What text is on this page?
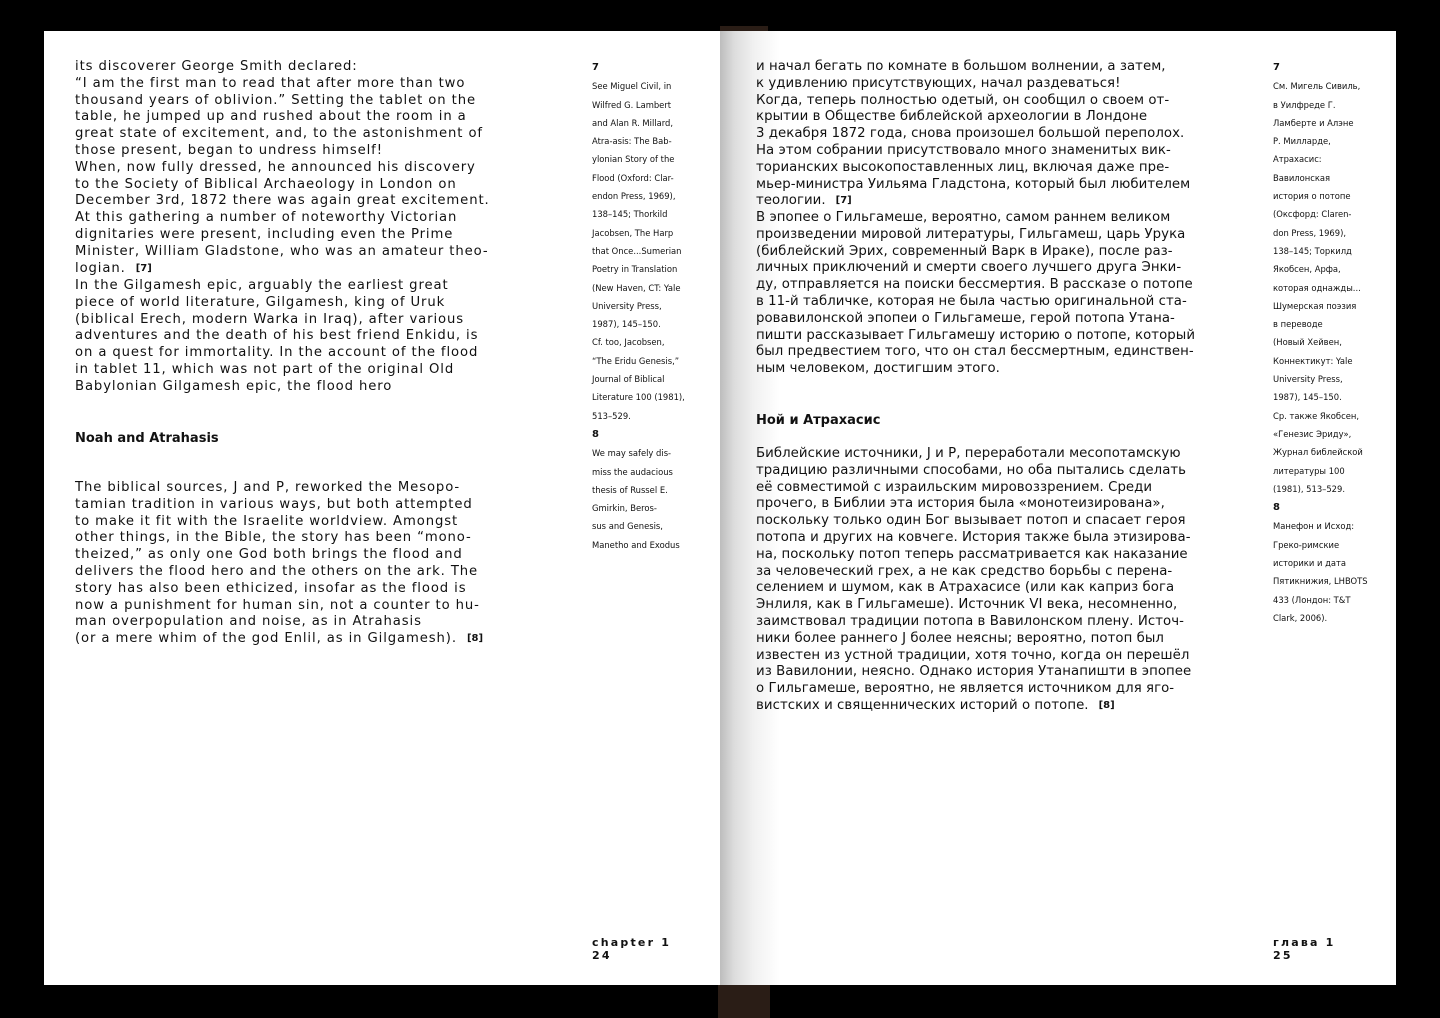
its discoverer George Smith declared:
“I am the first man to read that after more than two
thousand years of oblivion.” Setting the tablet on the
table, he jumped up and rushed about the room in a
great state of excitement, and, to the astonishment of
those present, began to undress himself!
When, now fully dressed, he announced his discovery
to the Society of Biblical Archaeology in London on
December 3rd, 1872 there was again great excitement.
At this gathering a number of noteworthy Victorian
dignitaries were present, including even the Prime
Minister, William Gladstone, who was an amateur theo-
logian. [7]
In the Gilgamesh epic, arguably the earliest great
piece of world literature, Gilgamesh, king of Uruk
(biblical Erech, modern Warka in Iraq), after various
adventures and the death of his best friend Enkidu, is
on a quest for immortality. In the account of the flood
in tablet 11, which was not part of the original Old
Babylonian Gilgamesh epic, the flood hero
Noah and Atrahasis
The biblical sources, J and P, reworked the Mesopo-
tamian tradition in various ways, but both attempted
to make it fit with the Israelite worldview. Amongst
other things, in the Bible, the story has been “mono-
theized,” as only one God both brings the flood and
delivers the flood hero and the others on the ark. The
story has also been ethicized, insofar as the flood is
now a punishment for human sin, not a counter to hu-
man overpopulation and noise, as in Atrahasis
(or a mere whim of the god Enlil, as in Gilgamesh). [8]
7
See Miguel Civil, in
Wilfred G. Lambert
and Alan R. Millard,
Atra-asis: The Bab-
ylonian Story of the
Flood (Oxford: Clar-
endon Press, 1969),
138–145; Thorkild
Jacobsen, The Harp
that Once...Sumerian
Poetry in Translation
(New Haven, CT: Yale
University Press,
1987), 145–150.
Cf. too, Jacobsen,
“The Eridu Genesis,”
Journal of Biblical
Literature 100 (1981),
513–529.
8
We may safely dis-
miss the audacious
thesis of Russel E.
Gmirkin, Beros-
sus and Genesis,
Manetho and Exodus
chapter 1
24
и начал бегать по комнате в большом волнении, а затем,
к удивлению присутствующих, начал раздеваться!
Когда, теперь полностью одетый, он сообщил о своем от-
крытии в Обществе библейской археологии в Лондоне
3 декабря 1872 года, снова произошел большой переполох.
На этом собрании присутствовало много знаменитых вик-
торианских высокопоставленных лиц, включая даже пре-
мьер-министра Уильяма Гладстона, который был любителем
теологии. [7]
В эпопее о Гильгамеше, вероятно, самом раннем великом
произведении мировой литературы, Гильгамеш, царь Урука
(библейский Эрих, современный Варк в Ираке), после раз-
личных приключений и смерти своего лучшего друга Энки-
ду, отправляется на поиски бессмертия. В рассказе о потопе
в 11-й табличке, которая не была частью оригинальной ста-
ровавилонской эпопеи о Гильгамеше, герой потопа Утана-
пишти рассказывает Гильгамешу историю о потопе, который
был предвестием того, что он стал бессмертным, единствен-
ным человеком, достигшим этого.
Ной и Атрахасис
Библейские источники, J и P, переработали месопотамскую
традицию различными способами, но оба пытались сделать
её совместимой с израильским мировоззрением. Среди
прочего, в Библии эта история была «монотеизирована»,
поскольку только один Бог вызывает потоп и спасает героя
потопа и других на ковчеге. История также была этизирова-
на, поскольку потоп теперь рассматривается как наказание
за человеческий грех, а не как средство борьбы с перена-
селением и шумом, как в Атрахасисе (или как каприз бога
Энлиля, как в Гильгамеше). Источник VI века, несомненно,
заимствовал традиции потопа в Вавилонском плену. Источ-
ники более раннего J более неясны; вероятно, потоп был
известен из устной традиции, хотя точно, когда он перешёл
из Вавилонии, неясно. Однако история Утанапишти в эпопее
о Гильгамеше, вероятно, не является источником для яго-
вистских и священнических историй о потопе. [8]
7
См. Мигель Сивиль,
в Уилфреде Г.
Ламберте и Алэне
Р. Милларде,
Атрахасис:
Вавилонская
история о потопе
(Оксфорд: Claren-
don Press, 1969),
138–145; Торкилд
Якобсен, Арфа,
которая однажды...
Шумерская поэзия
в переводе
(Новый Хейвен,
Коннектикут: Yale
University Press,
1987), 145–150.
Ср. также Якобсен,
«Генезис Эриду»,
Журнал библейской
литературы 100
(1981), 513–529.
8
Манефон и Исход:
Греко-римские
историки и дата
Пятикнижия, LHBOTS
433 (Лондон: T&T
Clark, 2006).
глава 1
25
